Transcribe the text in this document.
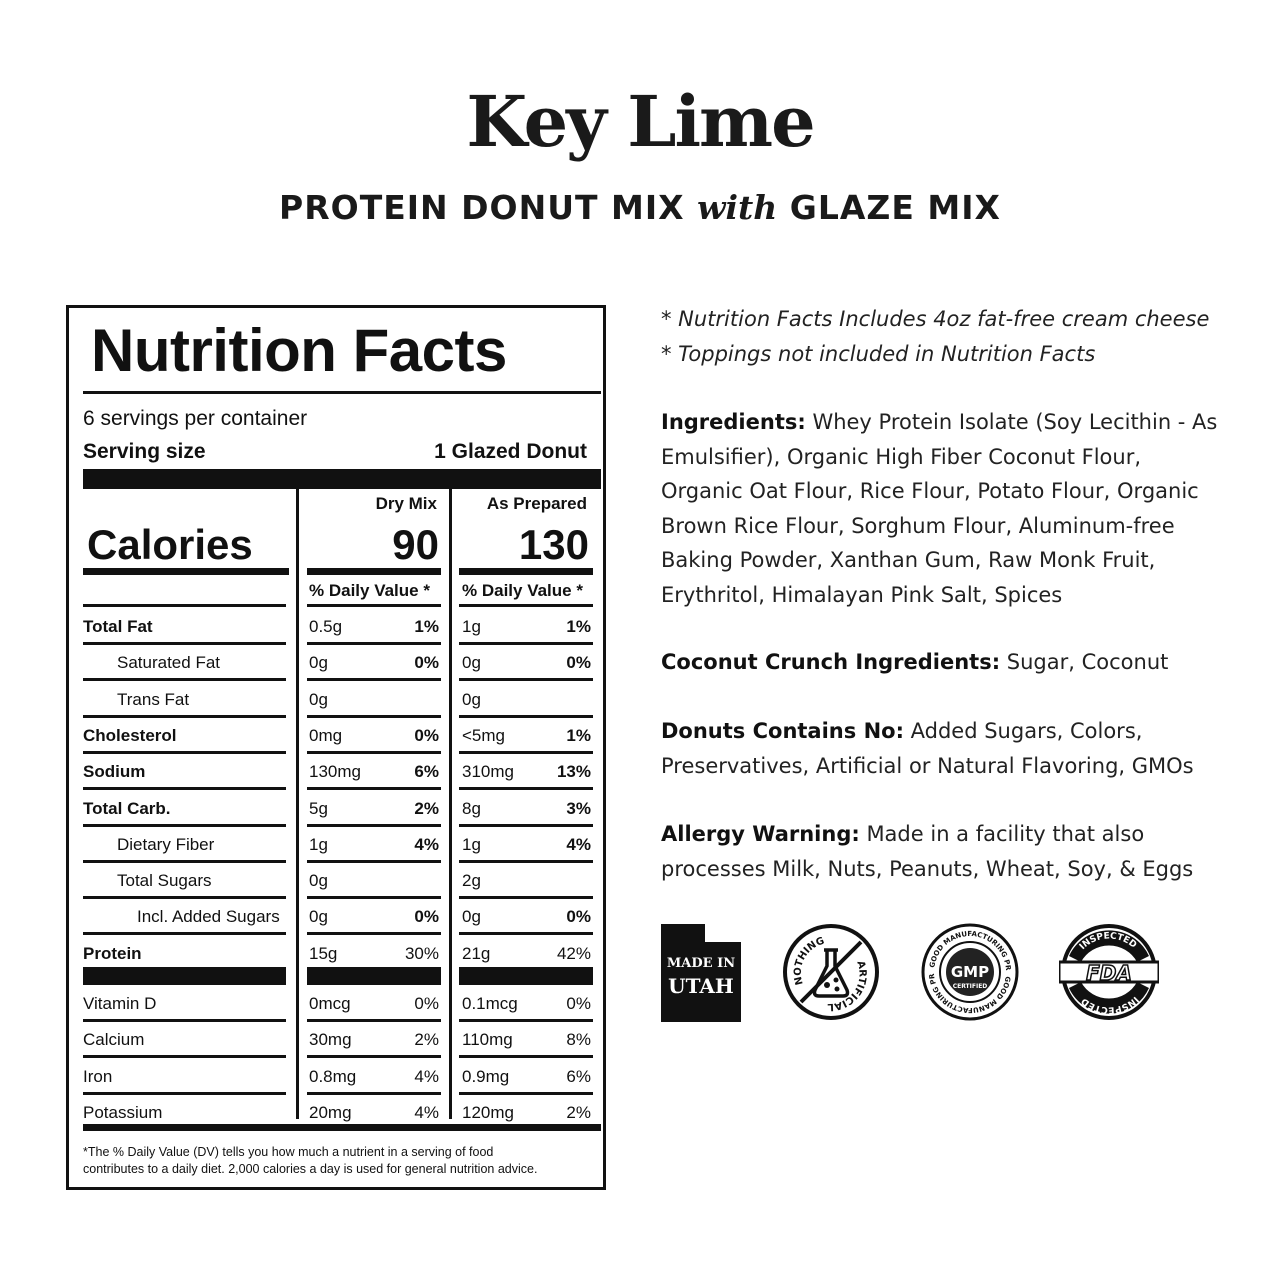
Key Lime
PROTEIN DONUT MIX with GLAZE MIX
Nutrition Facts
6 servings per container
Serving size	1 Glazed Donut
Dry Mix	As Prepared
Calories	90	130
% Daily Value * % Daily Value *
Total Fat	0.5g	1% 1g	1%
Saturated Fat	0g	0% 0g	0%
Trans Fat	0g	0g
Cholesterol	0mg	0% <5mg	1%
Sodium	130mg	6% 310mg	13%
Total Carb.	5g	2% 8g	3%
Dietary Fiber	1g	4% 1g	4%
Total Sugars	0g	2g
Incl. Added Sugars 0g	0% 0g	0%
Protein	15g	30% 21g	42%
Vitamin D	0mcg	0% 0.1mcg	0%
Calcium	30mg	2% 110mg	8%
Iron	0.8mg	4% 0.9mg	6%
Potassium	20mg	4% 120mg	2%
*The % Daily Value (DV) tells you how much a nutrient in a serving of food
contributes to a daily diet. 2,000 calories a day is used for general nutrition advice.
* Nutrition Facts Includes 4oz fat-free cream cheese
* Toppings not included in Nutrition Facts
Ingredients: Whey Protein Isolate (Soy Lecithin - As
Emulsifier), Organic High Fiber Coconut Flour,
Organic Oat Flour, Rice Flour, Potato Flour, Organic
Brown Rice Flour, Sorghum Flour, Aluminum-free
Baking Powder, Xanthan Gum, Raw Monk Fruit,
Erythritol, Himalayan Pink Salt, Spices
Coconut Crunch Ingredients: Sugar, Coconut
Donuts Contains No: Added Sugars, Colors,
Preservatives, Artificial or Natural Flavoring, GMOs
Allergy Warning: Made in a facility that also
processes Milk, Nuts, Peanuts, Wheat, Soy, & Eggs
MADE IN
UTAH	NOTHING
ARTIFICIAL
GOOD MANUFACTURING PR
GOOD MANUFACTURING PR GMP
CERTIFIED
INSPECTED
INSPECTED
FDA
